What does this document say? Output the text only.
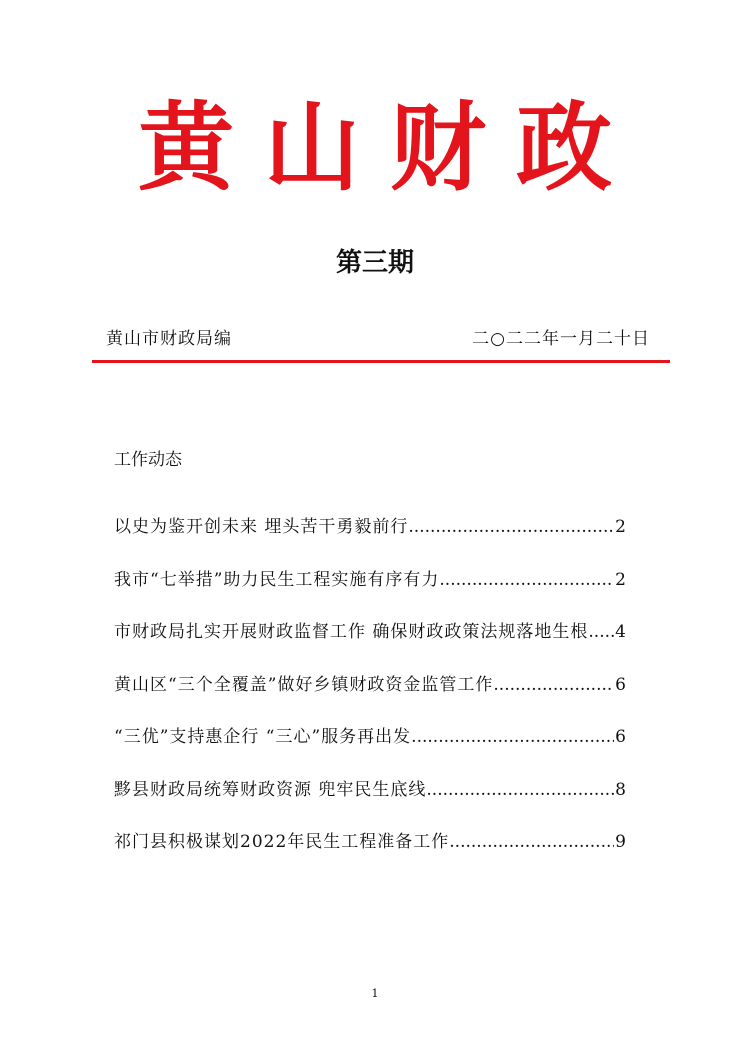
黄山财政
第三期
黄山市财政局编	二○二二年一月二十日
工作动态
以史为鉴开创未来 埋头苦干勇毅前行 .....	2
我市“七举措”助力民生工程实施有序有力 .....	2
市财政局扎实开展财政监督工作 确保财政政策法规落地生根 ..... 4
黄山区“三个全覆盖”做好乡镇财政资金监管工作 .....	6
“三优”支持惠企行 “三心”服务再出发 .....	6
黟县财政局统筹财政资源 兜牢民生底线 .....	8
祁门县积极谋划2022年民生工程准备工作 .....	9
1
